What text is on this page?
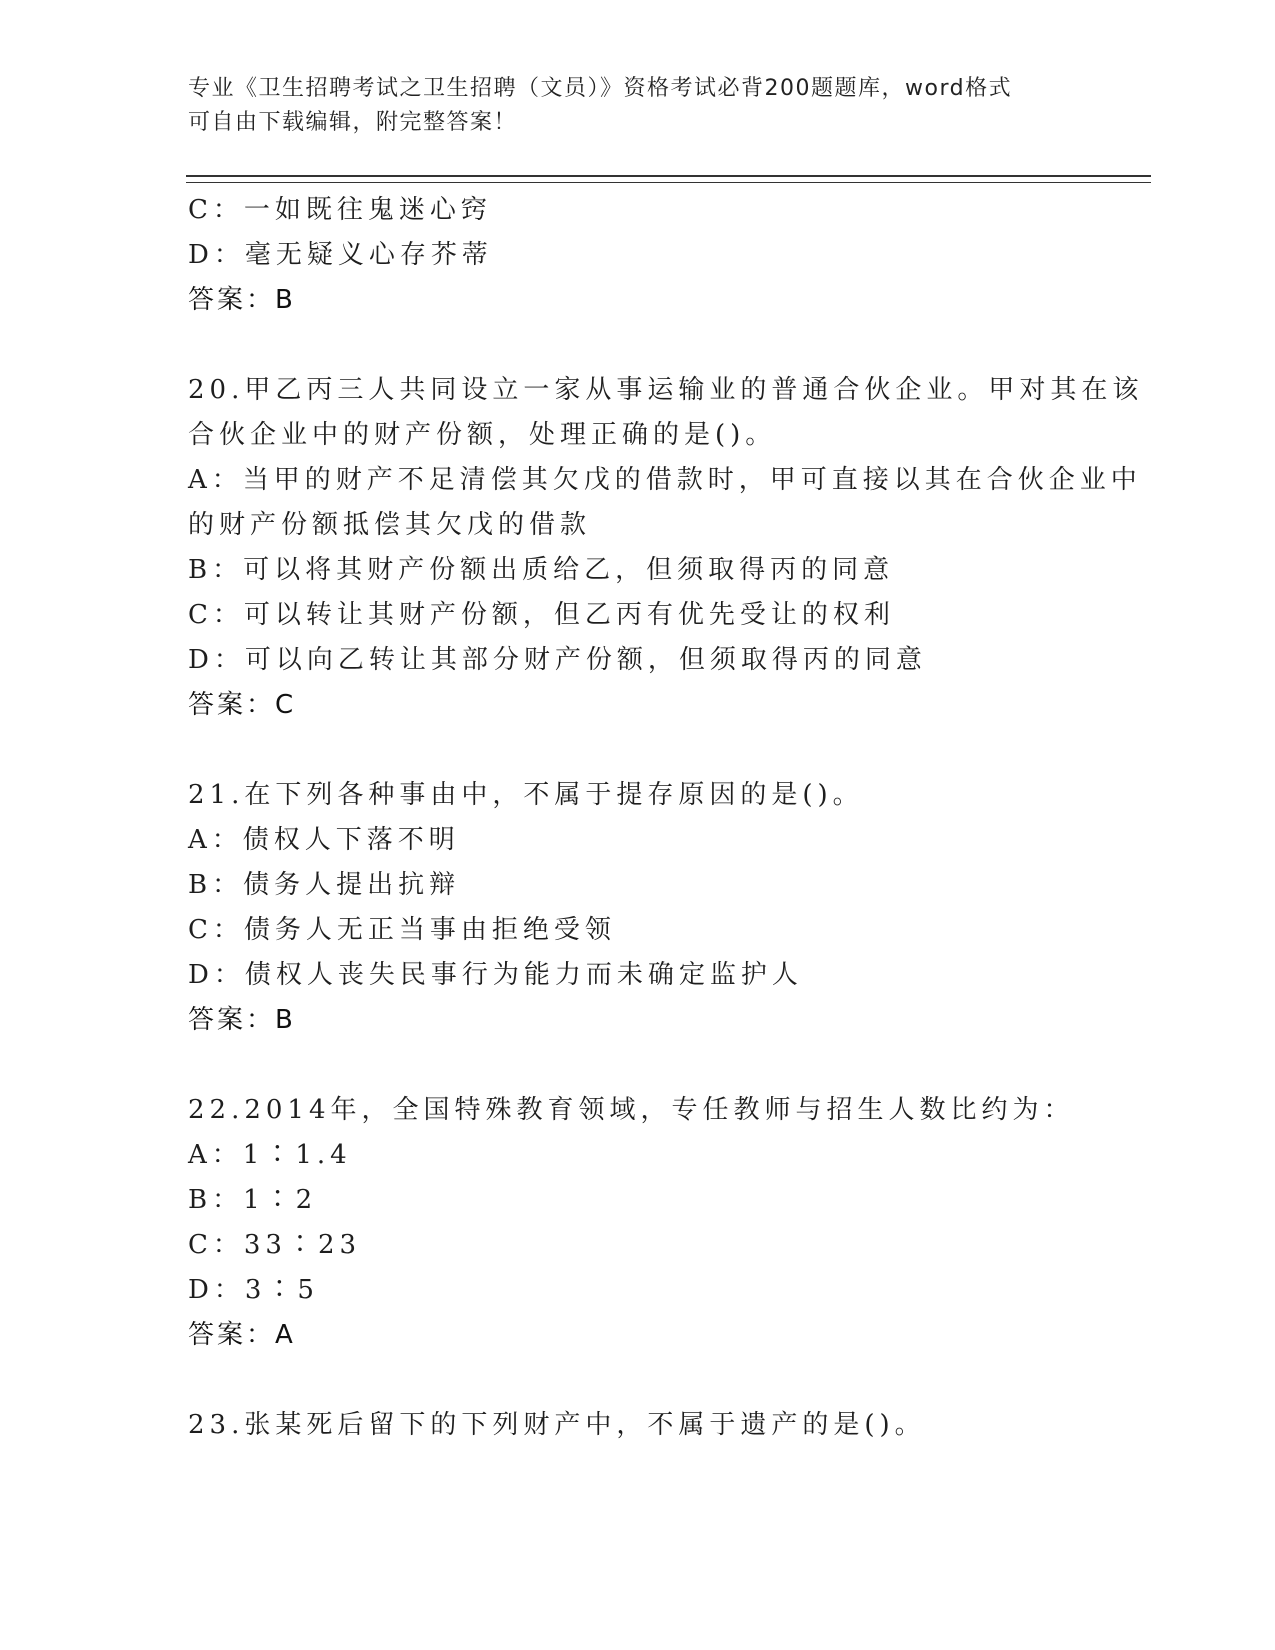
专业《卫生招聘考试之卫生招聘（文员）》资格考试必背200题题库，word格式
可自由下载编辑，附完整答案！
C：一如既往鬼迷心窍
D：毫无疑义心存芥蒂
答案：B
20.甲乙丙三人共同设立一家从事运输业的普通合伙企业。甲对其在该
合伙企业中的财产份额，处理正确的是()。
A：当甲的财产不足清偿其欠戊的借款时，甲可直接以其在合伙企业中
的财产份额抵偿其欠戊的借款
B：可以将其财产份额出质给乙，但须取得丙的同意
C：可以转让其财产份额，但乙丙有优先受让的权利
D：可以向乙转让其部分财产份额，但须取得丙的同意
答案：C
21.在下列各种事由中，不属于提存原因的是()。
A：债权人下落不明
B：债务人提出抗辩
C：债务人无正当事由拒绝受领
D：债权人丧失民事行为能力而未确定监护人
答案：B
22.2014年，全国特殊教育领域，专任教师与招生人数比约为：
A：1∶1.4
B：1∶2
C：33∶23
D：3∶5
答案：A
23.张某死后留下的下列财产中，不属于遗产的是()。
